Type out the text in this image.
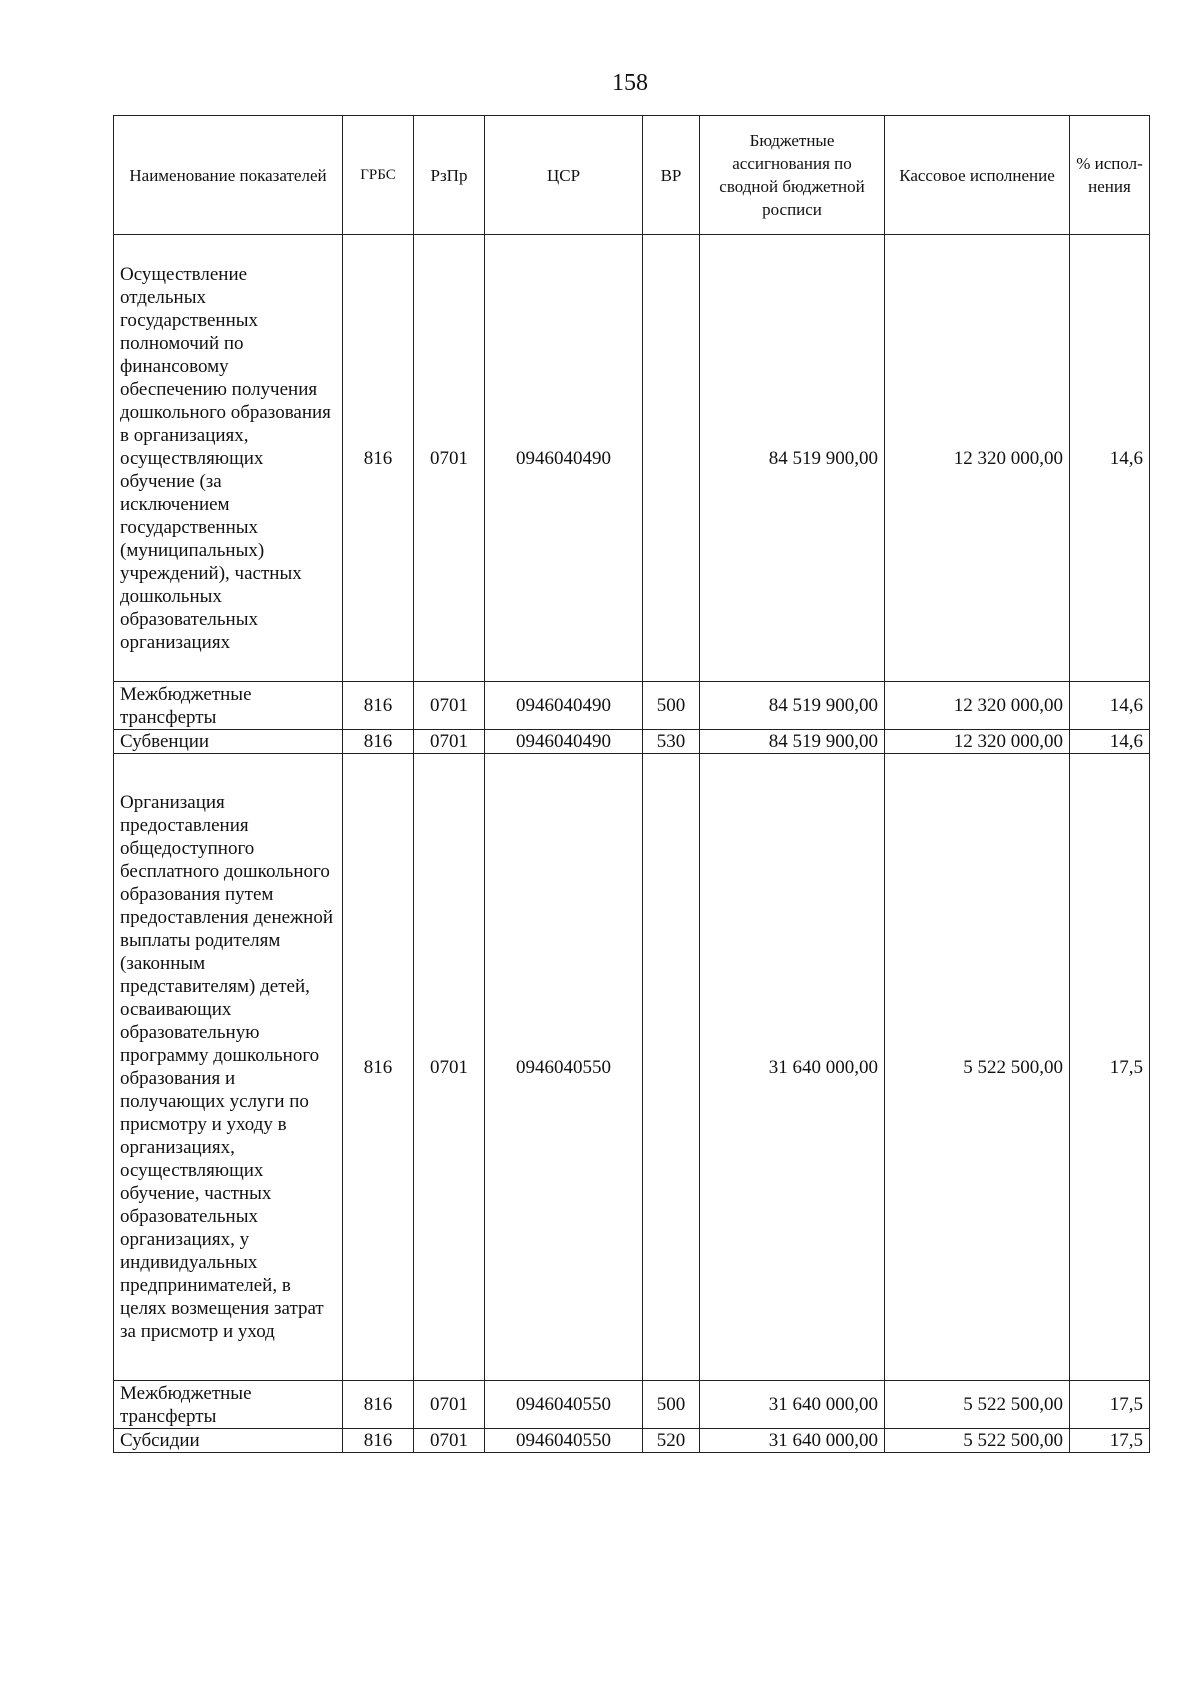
158
Наименование показателей	ГРБС	РзПр	ЦСР	ВР	Бюджетные ассигнования по сводной бюджетной росписи	Кассовое исполнение	% испол-нения
Осуществление отдельных государственных полномочий по финансовому обеспечению получения дошкольного образования в организациях, осуществляющих обучение (за исключением государственных (муниципальных) учреждений), частных дошкольных образовательных организациях	816	0701	0946040490		84 519 900,00	12 320 000,00	14,6
Межбюджетные трансферты	816	0701	0946040490	500	84 519 900,00	12 320 000,00	14,6
Субвенции	816	0701	0946040490	530	84 519 900,00	12 320 000,00	14,6
Организация предоставления общедоступного бесплатного дошкольного образования путем предоставления денежной выплаты родителям (законным представителям) детей, осваивающих образовательную программу дошкольного образования и получающих услуги по присмотру и уходу в организациях, осуществляющих обучение, частных образовательных организациях, у индивидуальных предпринимателей, в целях возмещения затрат за присмотр и уход	816	0701	0946040550		31 640 000,00	5 522 500,00	17,5
Межбюджетные трансферты	816	0701	0946040550	500	31 640 000,00	5 522 500,00	17,5
Субсидии	816	0701	0946040550	520	31 640 000,00	5 522 500,00	17,5
